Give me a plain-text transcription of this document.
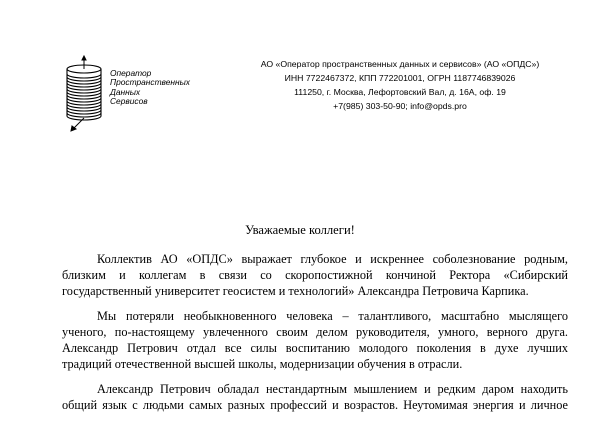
Оператор
Пространственных
Данных
Сервисов
АО «Оператор пространственных данных и сервисов» (АО «ОПДС»)
ИНН 7722467372, КПП 772201001, ОГРН 1187746839026
111250, г. Москва, Лефортовский Вал, д. 16А, оф. 19
+7(985) 303-50-90; info@opds.pro
Уважаемые коллеги!
Коллектив АО «ОПДС» выражает глубокое и искреннее соболезнование родным,
близким и коллегам в связи со скоропостижной кончиной Ректора «Сибирский
государственный университет геосистем и технологий» Александра Петровича Карпика.
Мы потеряли необыкновенного человека – талантливого, масштабно мыслящего
ученого, по-настоящему увлеченного своим делом руководителя, умного, верного друга.
Александр Петрович отдал все силы воспитанию молодого поколения в духе лучших
традиций отечественной высшей школы, модернизации обучения в отрасли.
Александр Петрович обладал нестандартным мышлением и редким даром находить
общий язык с людьми самых разных профессий и возрастов. Неутомимая энергия и личное
